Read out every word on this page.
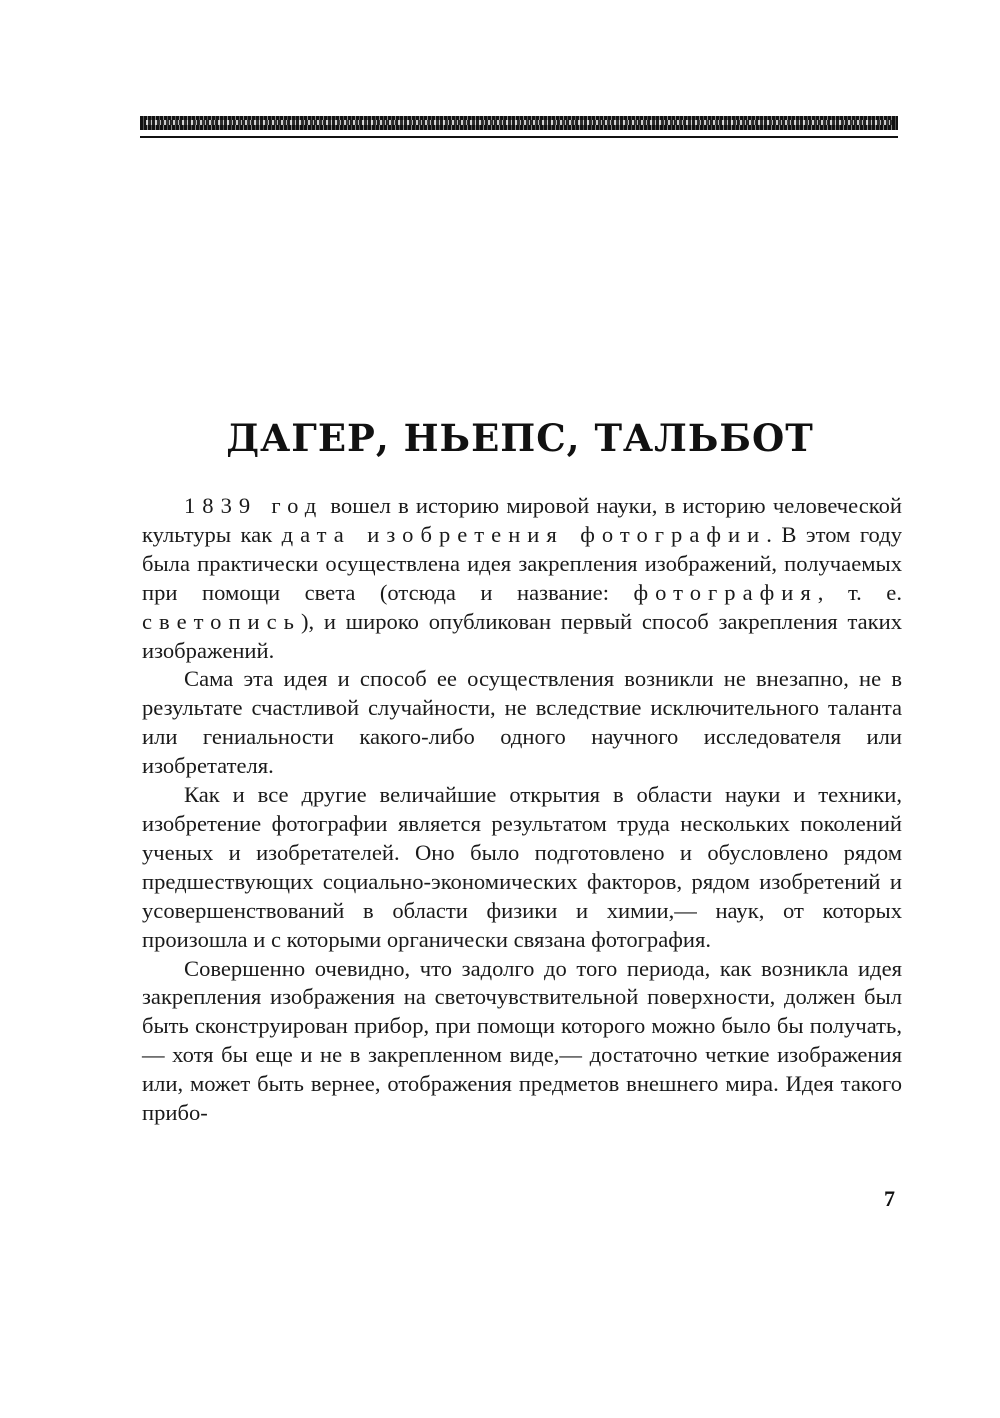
ДАГЕР, НЬЕПС, ТАЛЬБОТ

1839 год вошел в историю мировой науки, в историю человеческой культуры как дата изобретения фотографии. В этом году была практически осуществлена идея закрепления изображений, получаемых при помощи света (отсюда и название: фотография, т. е. светопись), и широко опубликован первый способ закрепления таких изображений.

Сама эта идея и способ ее осуществления возникли не внезапно, не в результате счастливой случайности, не вследствие исключительного таланта или гениальности какого-либо одного научного исследователя или изобретателя.

Как и все другие величайшие открытия в области науки и техники, изобретение фотографии является результатом труда нескольких поколений ученых и изобретателей. Оно было подготовлено и обусловлено рядом предшествующих социально-экономических факторов, рядом изобретений и усовершенствований в области физики и химии,— наук, от которых произошла и с которыми органически связана фотография.

Совершенно очевидно, что задолго до того периода, как возникла идея закрепления изображения на светочувствительной поверхности, должен был быть сконструирован прибор, при помощи которого можно было бы получать,— хотя бы еще и не в закрепленном виде,— достаточно четкие изображения или, может быть вернее, отображения предметов внешнего мира. Идея такого прибо-

7
